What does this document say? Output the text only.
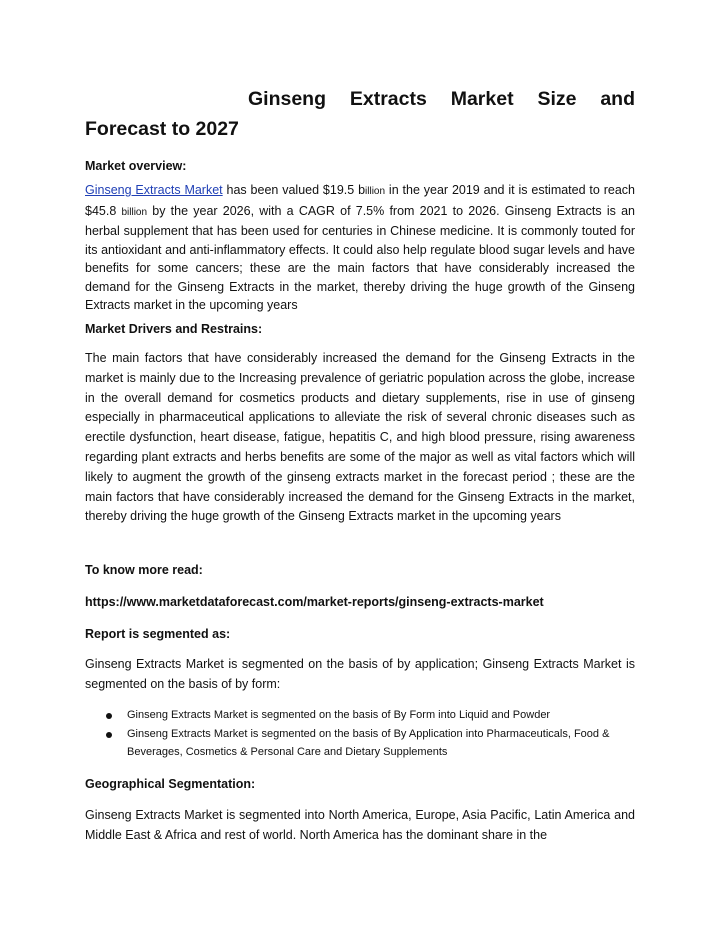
Ginseng Extracts Market Size and
Forecast to 2027
Market overview:
Ginseng Extracts Market has been valued $19.5 billion in the year 2019 and it is estimated to reach $45.8 billion by the year 2026, with a CAGR of 7.5% from 2021 to 2026. Ginseng Extracts is an herbal supplement that has been used for centuries in Chinese medicine. It is commonly touted for its antioxidant and anti-inflammatory effects. It could also help regulate blood sugar levels and have benefits for some cancers; these are the main factors that have considerably increased the demand for the Ginseng Extracts in the market, thereby driving the huge growth of the Ginseng Extracts market in the upcoming years
Market Drivers and Restrains:
The main factors that have considerably increased the demand for the Ginseng Extracts in the market is mainly due to the Increasing prevalence of geriatric population across the globe, increase in the overall demand for cosmetics products and dietary supplements, rise in use of ginseng especially in pharmaceutical applications to alleviate the risk of several chronic diseases such as erectile dysfunction, heart disease, fatigue, hepatitis C, and high blood pressure, rising awareness regarding plant extracts and herbs benefits are some of the major as well as vital factors which will likely to augment the growth of the ginseng extracts market in the forecast period ; these are the main factors that have considerably increased the demand for the Ginseng Extracts in the market, thereby driving the huge growth of the Ginseng Extracts market in the upcoming years
To know more read:
https://www.marketdataforecast.com/market-reports/ginseng-extracts-market
Report is segmented as:
Ginseng Extracts Market is segmented on the basis of by application; Ginseng Extracts Market is segmented on the basis of by form:
Ginseng Extracts Market is segmented on the basis of By Form into Liquid and Powder
Ginseng Extracts Market is segmented on the basis of By Application into Pharmaceuticals, Food & Beverages, Cosmetics & Personal Care and Dietary Supplements
Geographical Segmentation:
Ginseng Extracts Market is segmented into North America, Europe, Asia Pacific, Latin America and Middle East & Africa and rest of world. North America has the dominant share in the
